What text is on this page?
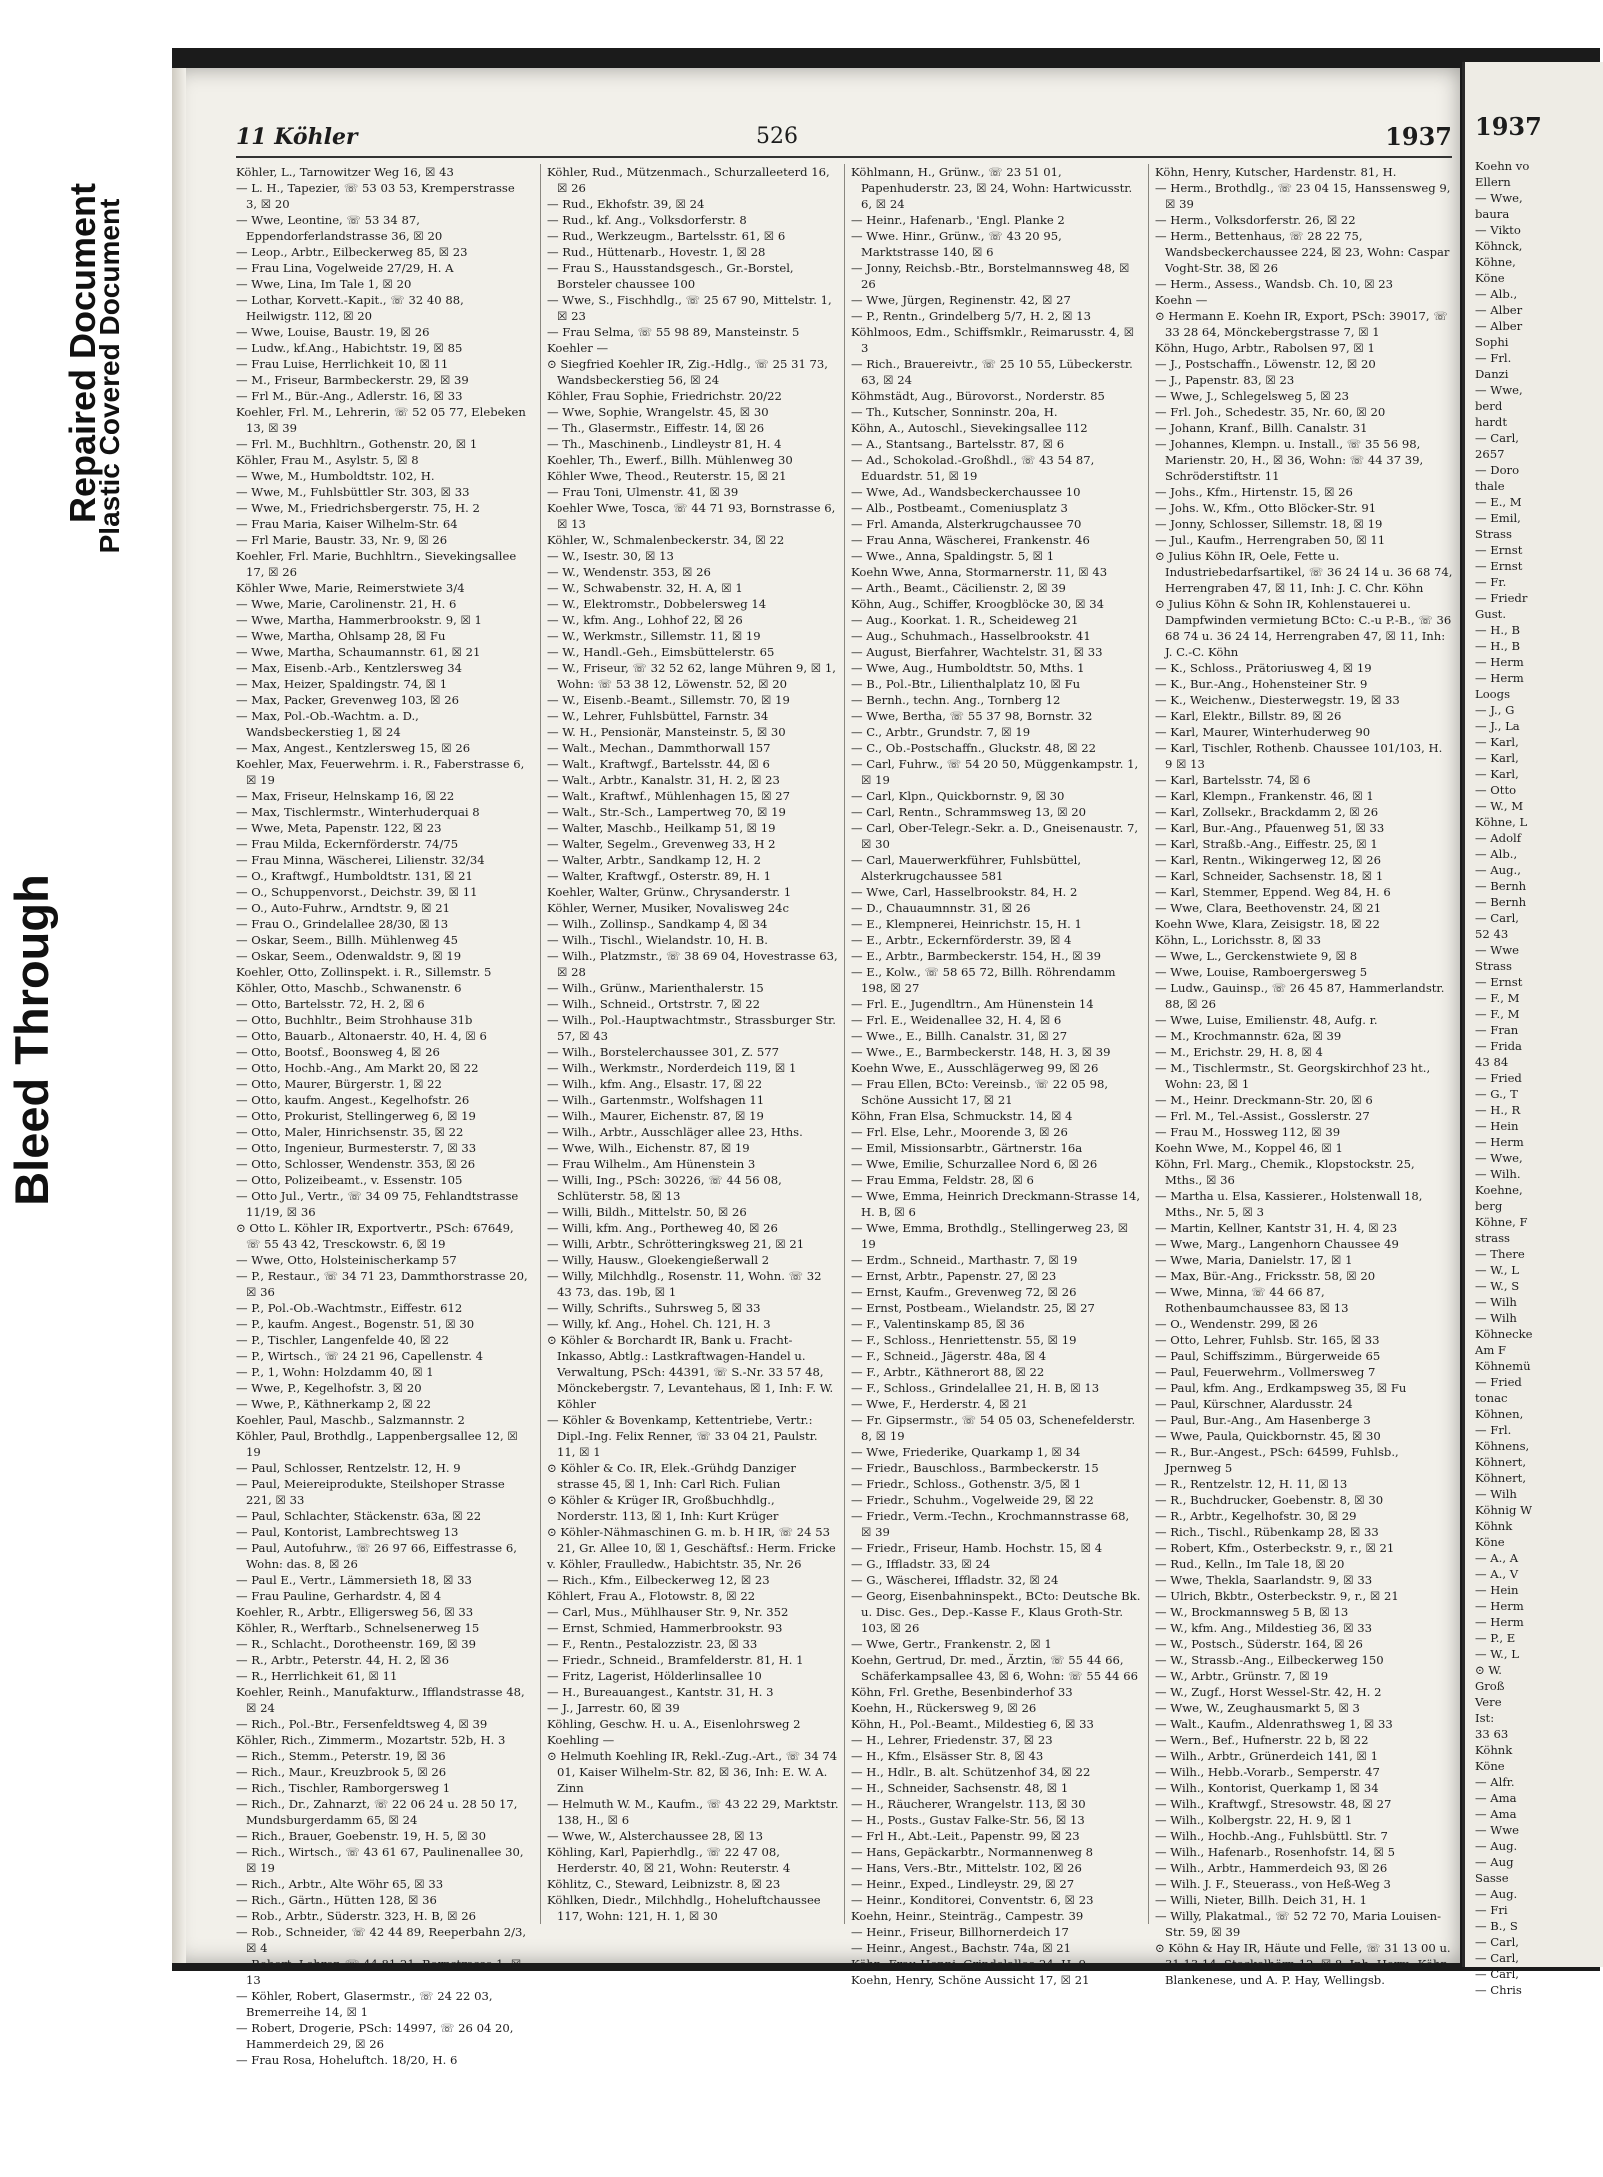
Bleed Through
Repaired Document
Plastic Covered Document
11 Köhler	526	1937

Köhler, L., Tarnowitzer Weg 16, ☒ 43

— L. H., Tapezier, ☏ 53 03 53, Kremperstrasse 3, ☒ 20

— Wwe, Leontine, ☏ 53 34 87, Eppendorferlandstrasse 36, ☒ 20

— Leop., Arbtr., Eilbeckerweg 85, ☒ 23

— Frau Lina, Vogelweide 27/29, H. A

— Wwe, Lina, Im Tale 1, ☒ 20

— Lothar, Korvett.-Kapit., ☏ 32 40 88, Heilwigstr. 112, ☒ 20

— Wwe, Louise, Baustr. 19, ☒ 26

— Ludw., kf.Ang., Habichtstr. 19, ☒ 85

— Frau Luise, Herrlichkeit 10, ☒ 11

— M., Friseur, Barmbeckerstr. 29, ☒ 39

— Frl M., Bür.-Ang., Adlerstr. 16, ☒ 33

Koehler, Frl. M., Lehrerin, ☏ 52 05 77, Elebeken 13, ☒ 39

— Frl. M., Buchhltrn., Gothenstr. 20, ☒ 1

Köhler, Frau M., Asylstr. 5, ☒ 8

— Wwe, M., Humboldtstr. 102, H.

— Wwe, M., Fuhlsbüttler Str. 303, ☒ 33

— Wwe, M., Friedrichsbergerstr. 75, H. 2

— Frau Maria, Kaiser Wilhelm-Str. 64

— Frl Marie, Baustr. 33, Nr. 9, ☒ 26

Koehler, Frl. Marie, Buchhltrn., Sievekingsallee 17, ☒ 26

Köhler Wwe, Marie, Reimerstwiete 3/4

— Wwe, Marie, Carolinenstr. 21, H. 6

— Wwe, Martha, Hammerbrookstr. 9, ☒ 1

— Wwe, Martha, Ohlsamp 28, ☒ Fu

— Wwe, Martha, Schaumannstr. 61, ☒ 21

— Max, Eisenb.-Arb., Kentzlersweg 34

— Max, Heizer, Spaldingstr. 74, ☒ 1

— Max, Packer, Grevenweg 103, ☒ 26

— Max, Pol.-Ob.-Wachtm. a. D., Wandsbeckerstieg 1, ☒ 24

— Max, Angest., Kentzlersweg 15, ☒ 26

Koehler, Max, Feuerwehrm. i. R., Faberstrasse 6, ☒ 19

— Max, Friseur, Helnskamp 16, ☒ 22

— Max, Tischlermstr., Winterhuderquai 8

— Wwe, Meta, Papenstr. 122, ☒ 23

— Frau Milda, Eckernförderstr. 74/75

— Frau Minna, Wäscherei, Lilienstr. 32/34

— O., Kraftwgf., Humboldtstr. 131, ☒ 21

— O., Schuppenvorst., Deichstr. 39, ☒ 11

— O., Auto-Fuhrw., Arndtstr. 9, ☒ 21

— Frau O., Grindelallee 28/30, ☒ 13

— Oskar, Seem., Billh. Mühlenweg 45

— Oskar, Seem., Odenwaldstr. 9, ☒ 19

Koehler, Otto, Zollinspekt. i. R., Sillemstr. 5

Köhler, Otto, Maschb., Schwanenstr. 6

— Otto, Bartelsstr. 72, H. 2, ☒ 6

— Otto, Buchhltr., Beim Strohhause 31b

— Otto, Bauarb., Altonaerstr. 40, H. 4, ☒ 6

— Otto, Bootsf., Boonsweg 4, ☒ 26

— Otto, Hochb.-Ang., Am Markt 20, ☒ 22

— Otto, Maurer, Bürgerstr. 1, ☒ 22

— Otto, kaufm. Angest., Kegelhofstr. 26

— Otto, Prokurist, Stellingerweg 6, ☒ 19

— Otto, Maler, Hinrichsenstr. 35, ☒ 22

— Otto, Ingenieur, Burmesterstr. 7, ☒ 33

— Otto, Schlosser, Wendenstr. 353, ☒ 26

— Otto, Polizeibeamt., v. Essenstr. 105

— Otto Jul., Vertr., ☏ 34 09 75, Fehlandtstrasse 11/19, ☒ 36

⊙ Otto L. Köhler IR, Exportvertr., PSch: 67649, ☏ 55 43 42, Tresckowstr. 6, ☒ 19

— Wwe, Otto, Holsteinischerkamp 57

— P., Restaur., ☏ 34 71 23, Dammthorstrasse 20, ☒ 36

— P., Pol.-Ob.-Wachtmstr., Eiffestr. 612

— P., kaufm. Angest., Bogenstr. 51, ☒ 30

— P., Tischler, Langenfelde 40, ☒ 22

— P., Wirtsch., ☏ 24 21 96, Capellenstr. 4

— P., 1, Wohn: Holzdamm 40, ☒ 1

— Wwe, P., Kegelhofstr. 3, ☒ 20

— Wwe, P., Käthnerkamp 2, ☒ 22

Koehler, Paul, Maschb., Salzmannstr. 2

Köhler, Paul, Brothdlg., Lappenbergsallee 12, ☒ 19

— Paul, Schlosser, Rentzelstr. 12, H. 9

— Paul, Meiereiprodukte, Steilshoper Strasse 221, ☒ 33

— Paul, Schlachter, Stäckenstr. 63a, ☒ 22

— Paul, Kontorist, Lambrechtsweg 13

— Paul, Autofuhrw., ☏ 26 97 66, Eiffestrasse 6, Wohn: das. 8, ☒ 26

— Paul E., Vertr., Lämmersieth 18, ☒ 33

— Frau Pauline, Gerhardstr. 4, ☒ 4

Koehler, R., Arbtr., Elligersweg 56, ☒ 33

Köhler, R., Werftarb., Schnelsenerweg 15

— R., Schlacht., Dorotheenstr. 169, ☒ 39

— R., Arbtr., Peterstr. 44, H. 2, ☒ 36

— R., Herrlichkeit 61, ☒ 11

Koehler, Reinh., Manufakturw., Ifflandstrasse 48, ☒ 24

— Rich., Pol.-Btr., Fersenfeldtsweg 4, ☒ 39

Köhler, Rich., Zimmerm., Mozartstr. 52b, H. 3

— Rich., Stemm., Peterstr. 19, ☒ 36

— Rich., Maur., Kreuzbrook 5, ☒ 26

— Rich., Tischler, Ramborgersweg 1

— Rich., Dr., Zahnarzt, ☏ 22 06 24 u. 28 50 17, Mundsburgerdamm 65, ☒ 24

— Rich., Brauer, Goebenstr. 19, H. 5, ☒ 30

— Rich., Wirtsch., ☏ 43 61 67, Paulinenallee 30, ☒ 19

— Rich., Arbtr., Alte Wöhr 65, ☒ 33

— Rich., Gärtn., Hütten 128, ☒ 36

— Rob., Arbtr., Süderstr. 323, H. B, ☒ 26

— Rob., Schneider, ☏ 42 44 89, Reeperbahn 2/3, ☒ 4

— Robert, Lehrer, ☏ 44 81 21, Bornstrasse 1, ☒ 13

— Köhler, Robert, Glasermstr., ☏ 24 22 03, Bremerreihe 14, ☒ 1

— Robert, Drogerie, PSch: 14997, ☏ 26 04 20, Hammerdeich 29, ☒ 26

— Frau Rosa, Hoheluftch. 18/20, H. 6

Köhler, Rud., Mützenmach., Schurzalleeterd 16, ☒ 26

— Rud., Ekhofstr. 39, ☒ 24

— Rud., kf. Ang., Volksdorferstr. 8

— Rud., Werkzeugm., Bartelsstr. 61, ☒ 6

— Rud., Hüttenarb., Hovestr. 1, ☒ 28

— Frau S., Hausstandsgesch., Gr.-Borstel, Borsteler chaussee 100

— Wwe, S., Fischhdlg., ☏ 25 67 90, Mittelstr. 1, ☒ 23

— Frau Selma, ☏ 55 98 89, Mansteinstr. 5

Koehler —

⊙ Siegfried Koehler IR, Zig.-Hdlg., ☏ 25 31 73, Wandsbeckerstieg 56, ☒ 24

Köhler, Frau Sophie, Friedrichstr. 20/22

— Wwe, Sophie, Wrangelstr. 45, ☒ 30

— Th., Glasermstr., Eiffestr. 14, ☒ 26

— Th., Maschinenb., Lindleystr 81, H. 4

Koehler, Th., Ewerf., Billh. Mühlenweg 30

Köhler Wwe, Theod., Reuterstr. 15, ☒ 21

— Frau Toni, Ulmenstr. 41, ☒ 39

Koehler Wwe, Tosca, ☏ 44 71 93, Bornstrasse 6, ☒ 13

Köhler, W., Schmalenbeckerstr. 34, ☒ 22

— W., Isestr. 30, ☒ 13

— W., Wendenstr. 353, ☒ 26

— W., Schwabenstr. 32, H. A, ☒ 1

— W., Elektromstr., Dobbelersweg 14

— W., kfm. Ang., Lohhof 22, ☒ 26

— W., Werkmstr., Sillemstr. 11, ☒ 19

— W., Handl.-Geh., Eimsbüttelerstr. 65

— W., Friseur, ☏ 32 52 62, lange Mühren 9, ☒ 1, Wohn: ☏ 53 38 12, Löwenstr. 52, ☒ 20

— W., Eisenb.-Beamt., Sillemstr. 70, ☒ 19

— W., Lehrer, Fuhlsbüttel, Farnstr. 34

— W. H., Pensionär, Mansteinstr. 5, ☒ 30

— Walt., Mechan., Dammthorwall 157

— Walt., Kraftwgf., Bartelsstr. 44, ☒ 6

— Walt., Arbtr., Kanalstr. 31, H. 2, ☒ 23

— Walt., Kraftwf., Mühlenhagen 15, ☒ 27

— Walt., Str.-Sch., Lampertweg 70, ☒ 19

— Walter, Maschb., Heilkamp 51, ☒ 19

— Walter, Segelm., Grevenweg 33, H 2

— Walter, Arbtr., Sandkamp 12, H. 2

— Walter, Kraftwgf., Osterstr. 89, H. 1

Koehler, Walter, Grünw., Chrysanderstr. 1

Köhler, Werner, Musiker, Novalisweg 24c

— Wilh., Zollinsp., Sandkamp 4, ☒ 34

— Wilh., Tischl., Wielandstr. 10, H. B.

— Wilh., Platzmstr., ☏ 38 69 04, Hovestrasse 63, ☒ 28

— Wilh., Grünw., Marienthalerstr. 15

— Wilh., Schneid., Ortstrstr. 7, ☒ 22

— Wilh., Pol.-Hauptwachtmstr., Strassburger Str. 57, ☒ 43

— Wilh., Borstelerchaussee 301, Z. 577

— Wilh., Werkmstr., Norderdeich 119, ☒ 1

— Wilh., kfm. Ang., Elsastr. 17, ☒ 22

— Wilh., Gartenmstr., Wolfshagen 11

— Wilh., Maurer, Eichenstr. 87, ☒ 19

— Wilh., Arbtr., Ausschläger allee 23, Hths.

— Wwe, Wilh., Eichenstr. 87, ☒ 19

— Frau Wilhelm., Am Hünenstein 3

— Willi, Ing., PSch: 30226, ☏ 44 56 08, Schlüterstr. 58, ☒ 13

— Willi, Bildh., Mittelstr. 50, ☒ 26

— Willi, kfm. Ang., Portheweg 40, ☒ 26

— Willi, Arbtr., Schrötteringksweg 21, ☒ 21

— Willy, Hausw., Gloekengießerwall 2

— Willy, Milchhdlg., Rosenstr. 11, Wohn. ☏ 32 43 73, das. 19b, ☒ 1

— Willy, Schrifts., Suhrsweg 5, ☒ 33

— Willy, kf. Ang., Hohel. Ch. 121, H. 3

⊙ Köhler & Borchardt IR, Bank u. Fracht-Inkasso, Abtlg.: Lastkraftwagen-Handel u. Verwaltung, PSch: 44391, ☏ S.-Nr. 33 57 48, Mönckebergstr. 7, Levantehaus, ☒ 1, Inh: F. W. Köhler

— Köhler & Bovenkamp, Kettentriebe, Vertr.: Dipl.-Ing. Felix Renner, ☏ 33 04 21, Paulstr. 11, ☒ 1

⊙ Köhler & Co. IR, Elek.-Grühdg Danziger strasse 45, ☒ 1, Inh: Carl Rich. Fulian

⊙ Köhler & Krüger IR, Großbuchhdlg., Norderstr. 113, ☒ 1, Inh: Kurt Krüger

⊙ Köhler-Nähmaschinen G. m. b. H IR, ☏ 24 53 21, Gr. Allee 10, ☒ 1, Geschäftsf.: Herm. Fricke

v. Köhler, Fraulledw., Habichtstr. 35, Nr. 26

— Rich., Kfm., Eilbeckerweg 12, ☒ 23

Köhlert, Frau A., Flotowstr. 8, ☒ 22

— Carl, Mus., Mühlhauser Str. 9, Nr. 352

— Ernst, Schmied, Hammerbrookstr. 93

— F., Rentn., Pestalozzistr. 23, ☒ 33

— Friedr., Schneid., Bramfelderstr. 81, H. 1

— Fritz, Lagerist, Hölderlinsallee 10

— H., Bureauangest., Kantstr. 31, H. 3

— J., Jarrestr. 60, ☒ 39

Köhling, Geschw. H. u. A., Eisenlohrsweg 2

Koehling —

⊙ Helmuth Koehling IR, Rekl.-Zug.-Art., ☏ 34 74 01, Kaiser Wilhelm-Str. 82, ☒ 36, Inh: E. W. A. Zinn

— Helmuth W. M., Kaufm., ☏ 43 22 29, Marktstr. 138, H., ☒ 6

— Wwe, W., Alsterchaussee 28, ☒ 13

Köhling, Karl, Papierhdlg., ☏ 22 47 08, Herderstr. 40, ☒ 21, Wohn: Reuterstr. 4

Köhlitz, C., Steward, Leibnizstr. 8, ☒ 23

Köhlken, Diedr., Milchhdlg., Hoheluftchaussee 117, Wohn: 121, H. 1, ☒ 30

Köhlmann, H., Grünw., ☏ 23 51 01, Papenhuderstr. 23, ☒ 24, Wohn: Hartwicusstr. 6, ☒ 24

— Heinr., Hafenarb., 'Engl. Planke 2

— Wwe. Hinr., Grünw., ☏ 43 20 95, Marktstrasse 140, ☒ 6

— Jonny, Reichsb.-Btr., Borstelmannsweg 48, ☒ 26

— Wwe, Jürgen, Reginenstr. 42, ☒ 27

— P., Rentn., Grindelberg 5/7, H. 2, ☒ 13

Köhlmoos, Edm., Schiffsmklr., Reimarusstr. 4, ☒ 3

— Rich., Brauereivtr., ☏ 25 10 55, Lübeckerstr. 63, ☒ 24

Köhmstädt, Aug., Bürovorst., Norderstr. 85

— Th., Kutscher, Sonninstr. 20a, H.

Köhn, A., Autoschl., Sievekingsallee 112

— A., Stantsang., Bartelsstr. 87, ☒ 6

— Ad., Schokolad.-Großhdl., ☏ 43 54 87, Eduardstr. 51, ☒ 19

— Wwe, Ad., Wandsbeckerchaussee 10

— Alb., Postbeamt., Comeniusplatz 3

— Frl. Amanda, Alsterkrugchaussee 70

— Frau Anna, Wäscherei, Frankenstr. 46

— Wwe., Anna, Spaldingstr. 5, ☒ 1

Koehn Wwe, Anna, Stormarnerstr. 11, ☒ 43

— Arth., Beamt., Cäcilienstr. 2, ☒ 39

Köhn, Aug., Schiffer, Kroogblöcke 30, ☒ 34

— Aug., Koorkat. 1. R., Scheideweg 21

— Aug., Schuhmach., Hasselbrookstr. 41

— August, Bierfahrer, Wachtelstr. 31, ☒ 33

— Wwe, Aug., Humboldtstr. 50, Mths. 1

— B., Pol.-Btr., Lilienthalplatz 10, ☒ Fu

— Bernh., techn. Ang., Tornberg 12

— Wwe, Bertha, ☏ 55 37 98, Bornstr. 32

— C., Arbtr., Grundstr. 7, ☒ 19

— C., Ob.-Postschaffn., Gluckstr. 48, ☒ 22

— Carl, Fuhrw., ☏ 54 20 50, Müggenkampstr. 1, ☒ 19

— Carl, Klpn., Quickbornstr. 9, ☒ 30

— Carl, Rentn., Schrammsweg 13, ☒ 20

— Carl, Ober-Telegr.-Sekr. a. D., Gneisenaustr. 7, ☒ 30

— Carl, Mauerwerkführer, Fuhlsbüttel, Alsterkrugchaussee 581

— Wwe, Carl, Hasselbrookstr. 84, H. 2

— D., Chauaumnnstr. 31, ☒ 26

— E., Klempnerei, Heinrichstr. 15, H. 1

— E., Arbtr., Eckernförderstr. 39, ☒ 4

— E., Arbtr., Barmbeckerstr. 154, H., ☒ 39

— E., Kolw., ☏ 58 65 72, Billh. Röhrendamm 198, ☒ 27

— Frl. E., Jugendltrn., Am Hünenstein 14

— Frl. E., Weidenallee 32, H. 4, ☒ 6

— Wwe., E., Billh. Canalstr. 31, ☒ 27

— Wwe., E., Barmbeckerstr. 148, H. 3, ☒ 39

Koehn Wwe, E., Ausschlägerweg 99, ☒ 26

— Frau Ellen, BCto: Vereinsb., ☏ 22 05 98, Schöne Aussicht 17, ☒ 21

Köhn, Fran Elsa, Schmuckstr. 14, ☒ 4

— Frl. Else, Lehr., Moorende 3, ☒ 26

— Emil, Missionsarbtr., Gärtnerstr. 16a

— Wwe, Emilie, Schurzallee Nord 6, ☒ 26

— Frau Emma, Feldstr. 28, ☒ 6

— Wwe, Emma, Heinrich Dreckmann-Strasse 14, H. B, ☒ 6

— Wwe, Emma, Brothdlg., Stellingerweg 23, ☒ 19

— Erdm., Schneid., Marthastr. 7, ☒ 19

— Ernst, Arbtr., Papenstr. 27, ☒ 23

— Ernst, Kaufm., Grevenweg 72, ☒ 26

— Ernst, Postbeam., Wielandstr. 25, ☒ 27

— F., Valentinskamp 85, ☒ 36

— F., Schloss., Henriettenstr. 55, ☒ 19

— F., Schneid., Jägerstr. 48a, ☒ 4

— F., Arbtr., Käthnerort 88, ☒ 22

— F., Schloss., Grindelallee 21, H. B, ☒ 13

— Wwe, F., Herderstr. 4, ☒ 21

— Fr. Gipsermstr., ☏ 54 05 03, Schenefelderstr. 8, ☒ 19

— Wwe, Friederike, Quarkamp 1, ☒ 34

— Friedr., Bauschloss., Barmbeckerstr. 15

— Friedr., Schloss., Gothenstr. 3/5, ☒ 1

— Friedr., Schuhm., Vogelweide 29, ☒ 22

— Friedr., Verm.-Techn., Krochmannstrasse 68, ☒ 39

— Friedr., Friseur, Hamb. Hochstr. 15, ☒ 4

— G., Iffladstr. 33, ☒ 24

— G., Wäscherei, Iffladstr. 32, ☒ 24

— Georg, Eisenbahninspekt., BCto: Deutsche Bk. u. Disc. Ges., Dep.-Kasse F., Klaus Groth-Str. 103, ☒ 26

— Wwe, Gertr., Frankenstr. 2, ☒ 1

Koehn, Gertrud, Dr. med., Ärztin, ☏ 55 44 66, Schäferkampsallee 43, ☒ 6, Wohn: ☏ 55 44 66

Köhn, Frl. Grethe, Besenbinderhof 33

Koehn, H., Rückersweg 9, ☒ 26

Köhn, H., Pol.-Beamt., Mildestieg 6, ☒ 33

— H., Lehrer, Friedenstr. 37, ☒ 23

— H., Kfm., Elsässer Str. 8, ☒ 43

— H., Hdlr., B. alt. Schützenhof 34, ☒ 22

— H., Schneider, Sachsenstr. 48, ☒ 1

— H., Räucherer, Wrangelstr. 113, ☒ 30

— H., Posts., Gustav Falke-Str. 56, ☒ 13

— Frl H., Abt.-Leit., Papenstr. 99, ☒ 23

— Hans, Gepäckarbtr., Normannenweg 8

— Hans, Vers.-Btr., Mittelstr. 102, ☒ 26

— Heinr., Exped., Lindleystr. 29, ☒ 27

— Heinr., Konditorei, Conventstr. 6, ☒ 23

Koehn, Heinr., Steinträg., Campestr. 39

— Heinr., Friseur, Billhornerdeich 17

— Heinr., Angest., Bachstr. 74a, ☒ 21

Köhn, Frau Henni, Grindelallee 24, H. 9

Koehn, Henry, Schöne Aussicht 17, ☒ 21

Köhn, Henry, Kutscher, Hardenstr. 81, H.

— Herm., Brothdlg., ☏ 23 04 15, Hanssensweg 9, ☒ 39

— Herm., Volksdorferstr. 26, ☒ 22

— Herm., Bettenhaus, ☏ 28 22 75, Wandsbeckerchaussee 224, ☒ 23, Wohn: Caspar Voght-Str. 38, ☒ 26

— Herm., Assess., Wandsb. Ch. 10, ☒ 23

Koehn —

⊙ Hermann E. Koehn IR, Export, PSch: 39017, ☏ 33 28 64, Mönckebergstrasse 7, ☒ 1

Köhn, Hugo, Arbtr., Rabolsen 97, ☒ 1

— J., Postschaffn., Löwenstr. 12, ☒ 20

— J., Papenstr. 83, ☒ 23

— Wwe, J., Schlegelsweg 5, ☒ 23

— Frl. Joh., Schedestr. 35, Nr. 60, ☒ 20

— Johann, Kranf., Billh. Canalstr. 31

— Johannes, Klempn. u. Install., ☏ 35 56 98, Marienstr. 20, H., ☒ 36, Wohn: ☏ 44 37 39, Schröderstiftstr. 11

— Johs., Kfm., Hirtenstr. 15, ☒ 26

— Johs. W., Kfm., Otto Blöcker-Str. 91

— Jonny, Schlosser, Sillemstr. 18, ☒ 19

— Jul., Kaufm., Herrengraben 50, ☒ 11

⊙ Julius Köhn IR, Oele, Fette u. Industriebedarfsartikel, ☏ 36 24 14 u. 36 68 74, Herrengraben 47, ☒ 11, Inh: J. C. Chr. Köhn

⊙ Julius Köhn & Sohn IR, Kohlenstauerei u. Dampfwinden vermietung BCto: C.-u P.-B., ☏ 36 68 74 u. 36 24 14, Herrengraben 47, ☒ 11, Inh: J. C.-C. Köhn

— K., Schloss., Prätoriusweg 4, ☒ 19

— K., Bur.-Ang., Hohensteiner Str. 9

— K., Weichenw., Diesterwegstr. 19, ☒ 33

— Karl, Elektr., Billstr. 89, ☒ 26

— Karl, Maurer, Winterhuderweg 90

— Karl, Tischler, Rothenb. Chaussee 101/103, H. 9 ☒ 13

— Karl, Bartelsstr. 74, ☒ 6

— Karl, Klempn., Frankenstr. 46, ☒ 1

— Karl, Zollsekr., Brackdamm 2, ☒ 26

— Karl, Bur.-Ang., Pfauenweg 51, ☒ 33

— Karl, Straßb.-Ang., Eiffestr. 25, ☒ 1

— Karl, Rentn., Wikingerweg 12, ☒ 26

— Karl, Schneider, Sachsenstr. 18, ☒ 1

— Karl, Stemmer, Eppend. Weg 84, H. 6

— Wwe, Clara, Beethovenstr. 24, ☒ 21

Koehn Wwe, Klara, Zeisigstr. 18, ☒ 22

Köhn, L., Lorichsstr. 8, ☒ 33

— Wwe, L., Gerckenstwiete 9, ☒ 8

— Wwe, Louise, Ramboergersweg 5

— Ludw., Gauinsp., ☏ 26 45 87, Hammerlandstr. 88, ☒ 26

— Wwe, Luise, Emilienstr. 48, Aufg. r.

— M., Krochmannstr. 62a, ☒ 39

— M., Erichstr. 29, H. 8, ☒ 4

— M., Tischlermstr., St. Georgskirchhof 23 ht., Wohn: 23, ☒ 1

— M., Heinr. Dreckmann-Str. 20, ☒ 6

— Frl. M., Tel.-Assist., Gosslerstr. 27

— Frau M., Hossweg 112, ☒ 39

Koehn Wwe, M., Koppel 46, ☒ 1

Köhn, Frl. Marg., Chemik., Klopstockstr. 25, Mths., ☒ 36

— Martha u. Elsa, Kassierer., Holstenwall 18, Mths., Nr. 5, ☒ 3

— Martin, Kellner, Kantstr 31, H. 4, ☒ 23

— Wwe, Marg., Langenhorn Chaussee 49

— Wwe, Maria, Danielstr. 17, ☒ 1

— Max, Bür.-Ang., Fricksstr. 58, ☒ 20

— Wwe, Minna, ☏ 44 66 87, Rothenbaumchaussee 83, ☒ 13

— O., Wendenstr. 299, ☒ 26

— Otto, Lehrer, Fuhlsb. Str. 165, ☒ 33

— Paul, Schiffszimm., Bürgerweide 65

— Paul, Feuerwehrm., Vollmersweg 7

— Paul, kfm. Ang., Erdkampsweg 35, ☒ Fu

— Paul, Kürschner, Alardusstr. 24

— Paul, Bur.-Ang., Am Hasenberge 3

— Wwe, Paula, Quickbornstr. 45, ☒ 30

— R., Bur.-Angest., PSch: 64599, Fuhlsb., Jpernweg 5

— R., Rentzelstr. 12, H. 11, ☒ 13

— R., Buchdrucker, Goebenstr. 8, ☒ 30

— R., Arbtr., Kegelhofstr. 30, ☒ 29

— Rich., Tischl., Rübenkamp 28, ☒ 33

— Robert, Kfm., Osterbeckstr. 9, r., ☒ 21

— Rud., Kelln., Im Tale 18, ☒ 20

— Wwe, Thekla, Saarlandstr. 9, ☒ 33

— Ulrich, Bkbtr., Osterbeckstr. 9, r., ☒ 21

— W., Brockmannsweg 5 B, ☒ 13

— W., kfm. Ang., Mildestieg 36, ☒ 33

— W., Postsch., Süderstr. 164, ☒ 26

— W., Strassb.-Ang., Eilbeckerweg 150

— W., Arbtr., Grünstr. 7, ☒ 19

— W., Zugf., Horst Wessel-Str. 42, H. 2

— Wwe, W., Zeughausmarkt 5, ☒ 3

— Walt., Kaufm., Aldenrathsweg 1, ☒ 33

— Wern., Bef., Hufnerstr. 22 b, ☒ 22

— Wilh., Arbtr., Grünerdeich 141, ☒ 1

— Wilh., Hebb.-Vorarb., Semperstr. 47

— Wilh., Kontorist, Querkamp 1, ☒ 34

— Wilh., Kraftwgf., Stresowstr. 48, ☒ 27

— Wilh., Kolbergstr. 22, H. 9, ☒ 1

— Wilh., Hochb.-Ang., Fuhlsbüttl. Str. 7

— Wilh., Hafenarb., Rosenhofstr. 14, ☒ 5

— Wilh., Arbtr., Hammerdeich 93, ☒ 26

— Wilh. J. F., Steuerass., von Heß-Weg 3

— Willi, Nieter, Billh. Deich 31, H. 1

— Willy, Plakatmal., ☏ 52 72 70, Maria Louisen-Str. 59, ☒ 39

⊙ Köhn & Hay IR, Häute und Felle, ☏ 31 13 00 u. 31 13 14, Steckelhörn 12, ☒ 8, Inh: Herm. Köhn, Blankenese, und A. P. Hay, Wellingsb.

1937
Koehn vo
Ellern
— Wwe,
baura
— Vikto
Köhnck,
Köhne,
Köne
— Alb.,
— Alber
— Alber
Sophi
— Frl.
Danzi
— Wwe,
berd
hardt
— Carl,
2657
— Doro
thale
— E., M
— Emil,
Strass
— Ernst
— Ernst
— Fr.
— Friedr
Gust.
— H., B
— H., B
— Herm
— Herm
Loogs
— J., G
— J., La
— Karl,
— Karl,
— Karl,
— Otto
— W., M
Köhne, L
— Adolf
— Alb.,
— Aug.,
— Bernh
— Bernh
— Carl,
52 43
— Wwe
Strass
— Ernst
— F., M
— F., M
— Fran
— Frida
43 84
— Fried
— G., T
— H., R
— Hein
— Herm
— Wwe,
— Wilh.
Koehne,
berg
Köhne, F
strass
— There
— W., L
— W., S
— Wilh
— Wilh
Köhnecke
Am F
Köhnemü
— Fried
tonac
Köhnen,
— Frl.
Köhnens,
Köhnert,
Köhnert,
— Wilh
Köhnig W
Köhnk
Köne
— A., A
— A., V
— Hein
— Herm
— Herm
— P., E
— W., L
⊙ W.
Groß
Vere
Ist:
33 63
Köhnk
Köne
— Alfr.
— Ama
— Ama
— Wwe
— Aug.
— Aug
Sasse
— Aug.
— Fri
— B., S
— Carl,
— Carl,
— Carl,
— Chris
